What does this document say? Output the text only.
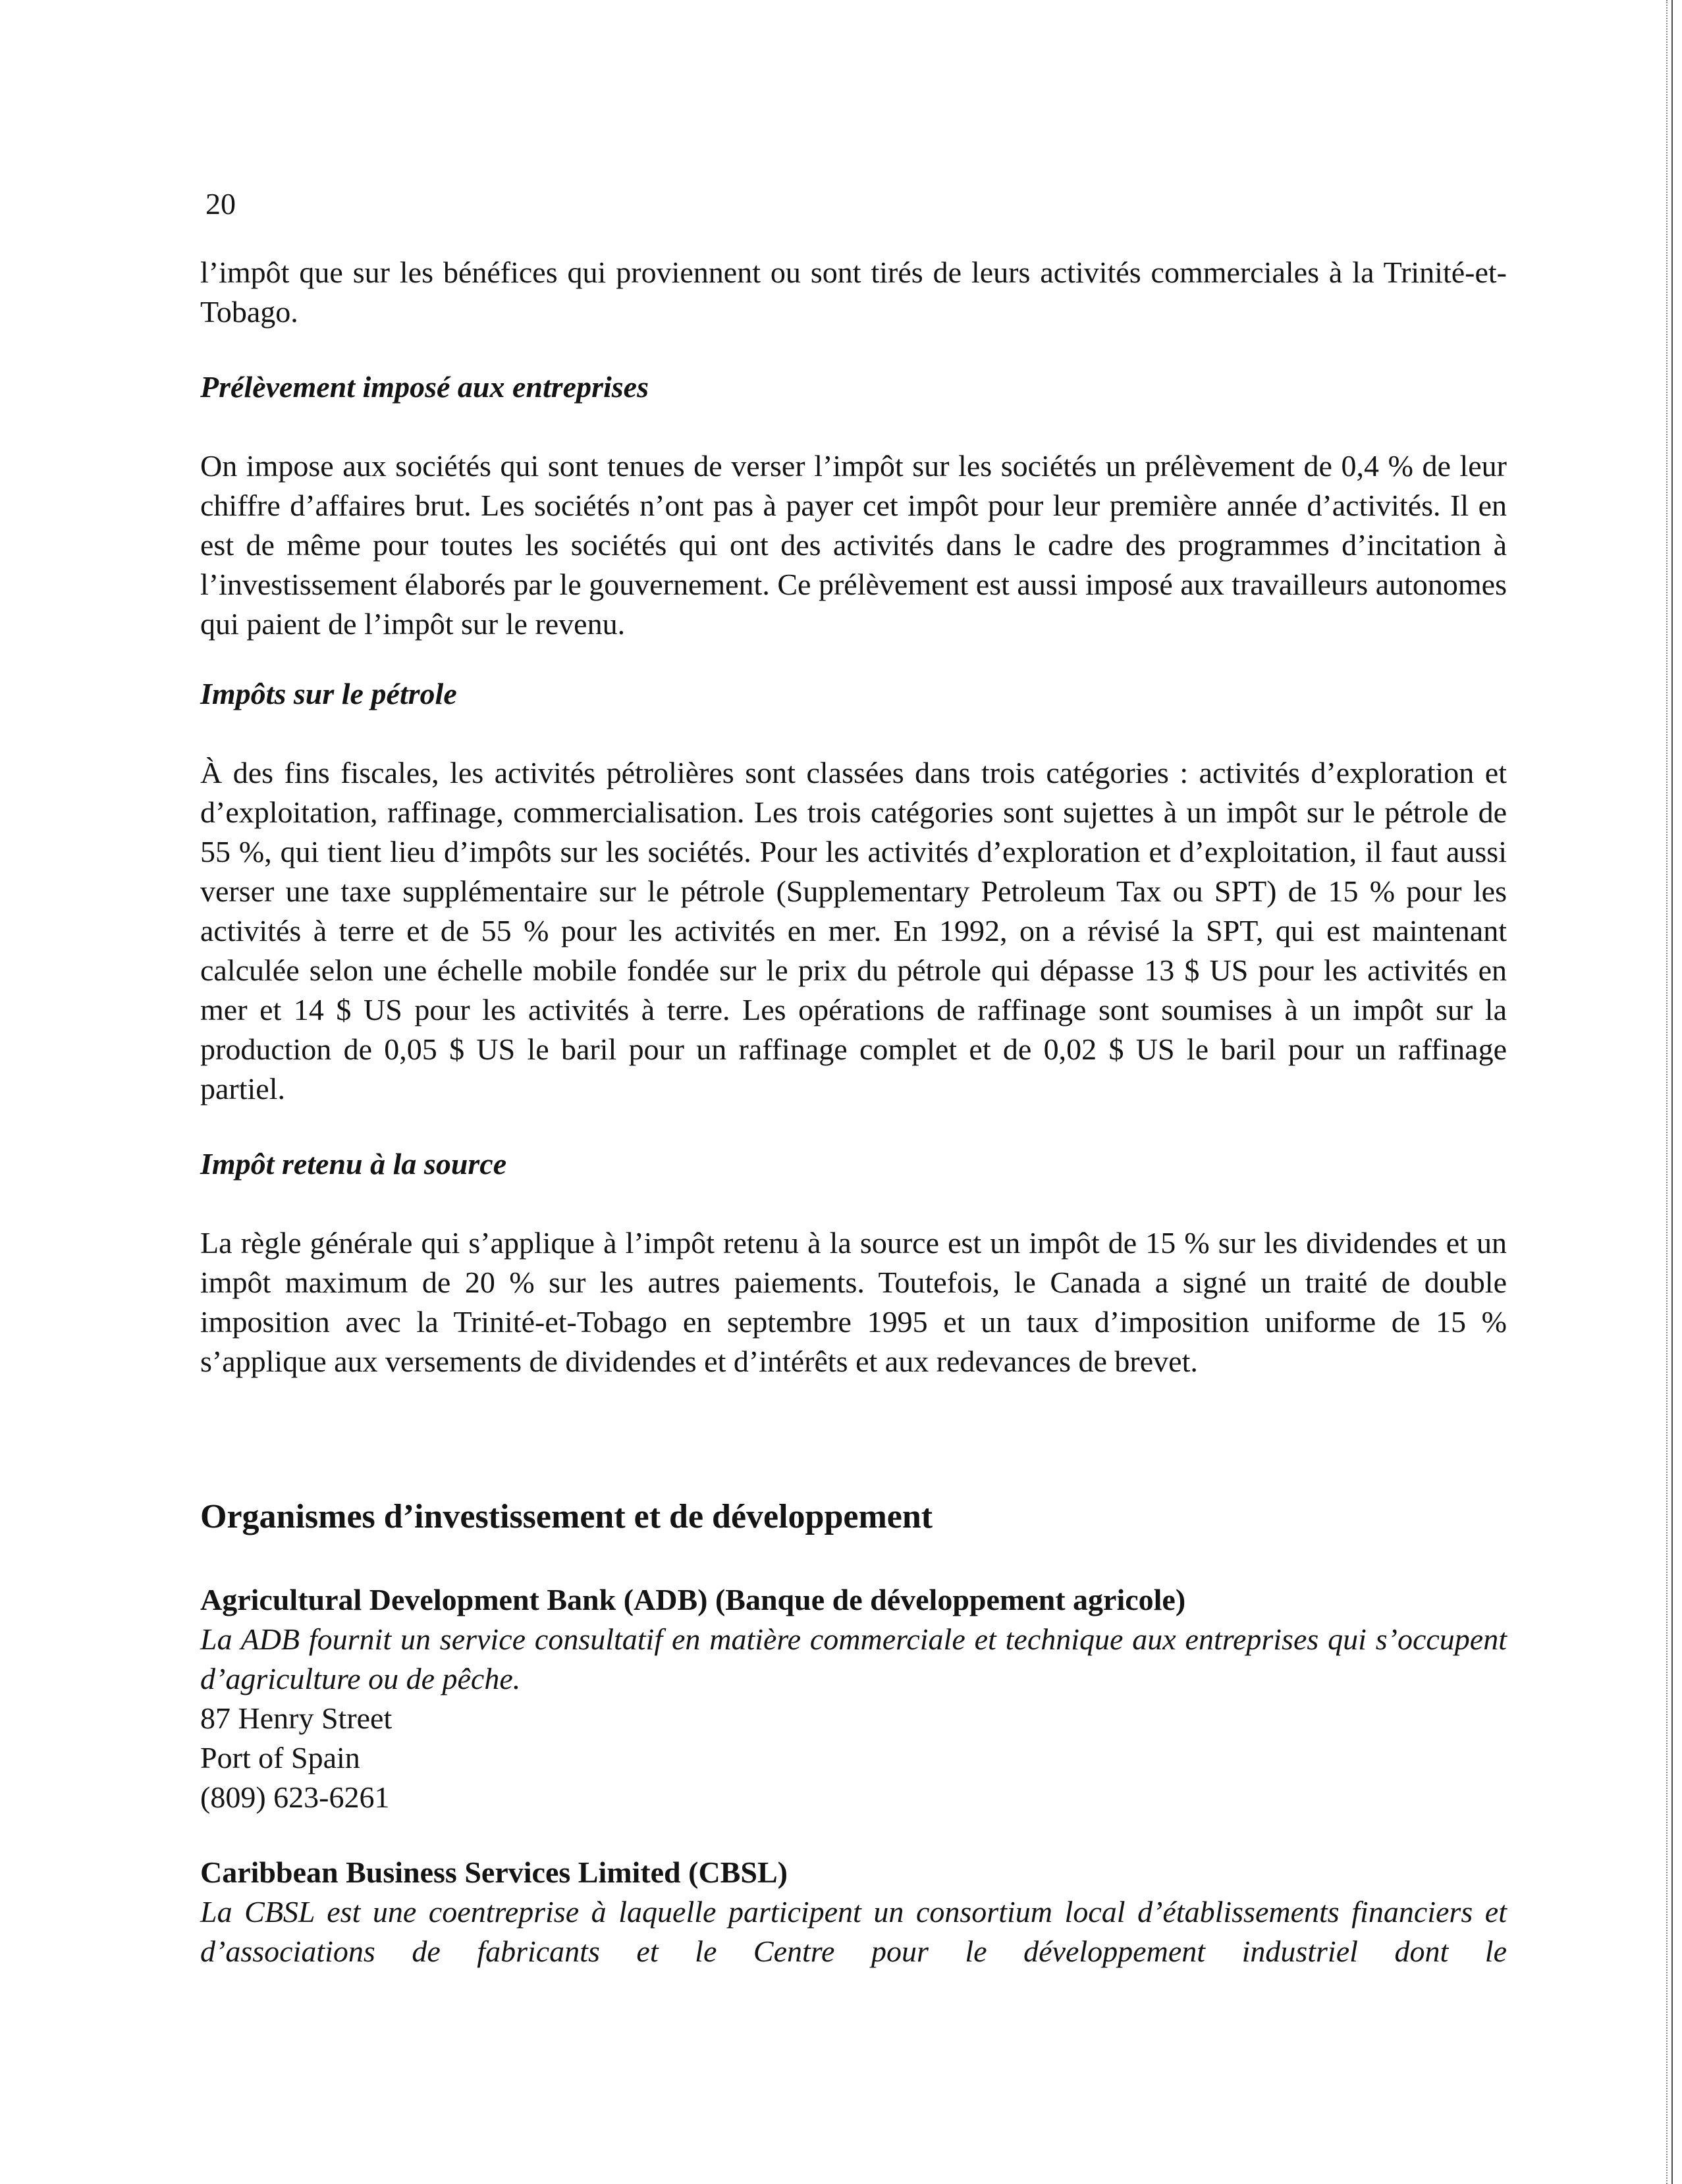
20

l’impôt que sur les bénéfices qui proviennent ou sont tirés de leurs activités commerciales à la Trinité-et-Tobago.

Prélèvement imposé aux entreprises

On impose aux sociétés qui sont tenues de verser l’impôt sur les sociétés un prélèvement de 0,4 % de leur chiffre d’affaires brut. Les sociétés n’ont pas à payer cet impôt pour leur première année d’activités. Il en est de même pour toutes les sociétés qui ont des activités dans le cadre des programmes d’incitation à l’investissement élaborés par le gouvernement. Ce prélèvement est aussi imposé aux travailleurs autonomes qui paient de l’impôt sur le revenu.

Impôts sur le pétrole

À des fins fiscales, les activités pétrolières sont classées dans trois catégories : activités d’exploration et d’exploitation, raffinage, commercialisation. Les trois catégories sont sujettes à un impôt sur le pétrole de 55 %, qui tient lieu d’impôts sur les sociétés. Pour les activités d’exploration et d’exploitation, il faut aussi verser une taxe supplémentaire sur le pétrole (Supplementary Petroleum Tax ou SPT) de 15 % pour les activités à terre et de 55 % pour les activités en mer. En 1992, on a révisé la SPT, qui est maintenant calculée selon une échelle mobile fondée sur le prix du pétrole qui dépasse 13 $ US pour les activités en mer et 14 $ US pour les activités à terre. Les opérations de raffinage sont soumises à un impôt sur la production de 0,05 $ US le baril pour un raffinage complet et de 0,02 $ US le baril pour un raffinage partiel.

Impôt retenu à la source

La règle générale qui s’applique à l’impôt retenu à la source est un impôt de 15 % sur les dividendes et un impôt maximum de 20 % sur les autres paiements. Toutefois, le Canada a signé un traité de double imposition avec la Trinité-et-Tobago en septembre 1995 et un taux d’imposition uniforme de 15 % s’applique aux versements de dividendes et d’intérêts et aux redevances de brevet.

Organismes d’investissement et de développement

Agricultural Development Bank (ADB) (Banque de développement agricole)

La ADB fournit un service consultatif en matière commerciale et technique aux entreprises qui s’occupent d’agriculture ou de pêche.

87 Henry Street

Port of Spain

(809) 623-6261

Caribbean Business Services Limited (CBSL)

La CBSL est une coentreprise à laquelle participent un consortium local d’établissements financiers et d’associations de fabricants et le Centre pour le développement industriel dont le
